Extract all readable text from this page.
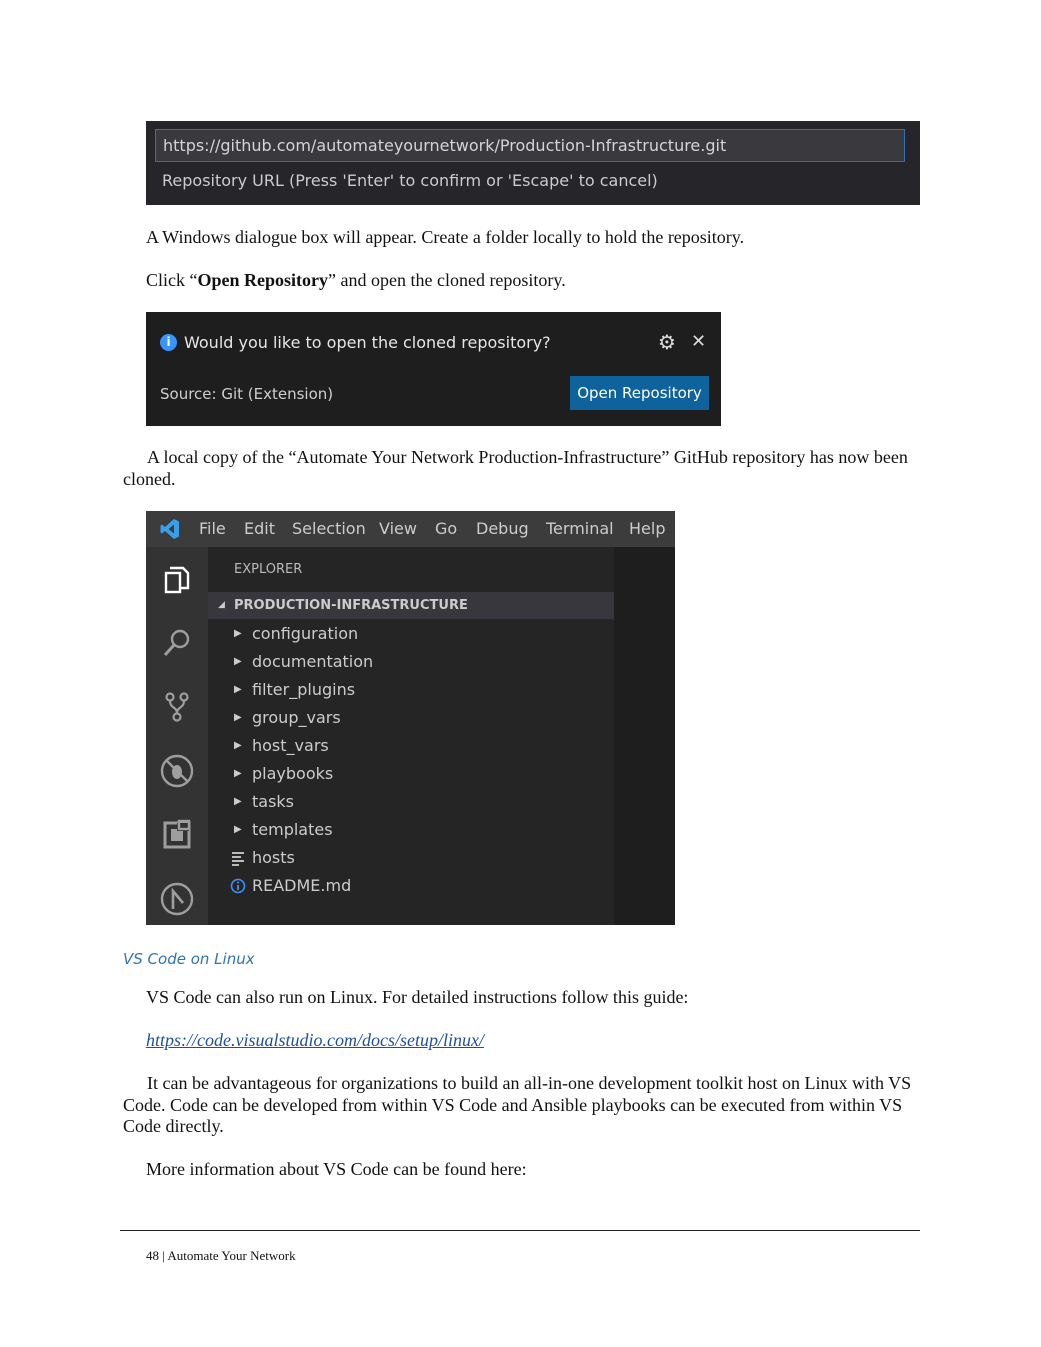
https://github.com/automateyournetwork/Production-Infrastructure.git
Repository URL (Press 'Enter' to confirm or 'Escape' to cancel)
A Windows dialogue box will appear. Create a folder locally to hold the repository.
Click “Open Repository” and open the cloned repository.
i Would you like to open the cloned repository?	⚙ ✕
Source: Git (Extension)	Open Repository
A local copy of the “Automate Your Network Production-Infrastructure” GitHub repository has now been cloned.
File Edit Selection View Go Debug Terminal Help
EXPLORER
◢ PRODUCTION-INFRASTRUCTURE
▶ configuration
▶ documentation
▶ filter_plugins
▶ group_vars
▶ host_vars
▶ playbooks
▶ tasks
▶ templates
hosts
README.md
VS Code on Linux
VS Code can also run on Linux. For detailed instructions follow this guide:
https://code.visualstudio.com/docs/setup/linux/
It can be advantageous for organizations to build an all-in-one development toolkit host on Linux with VS Code. Code can be developed from within VS Code and Ansible playbooks can be executed from within VS Code directly.
More information about VS Code can be found here:
48 | Automate Your Network
